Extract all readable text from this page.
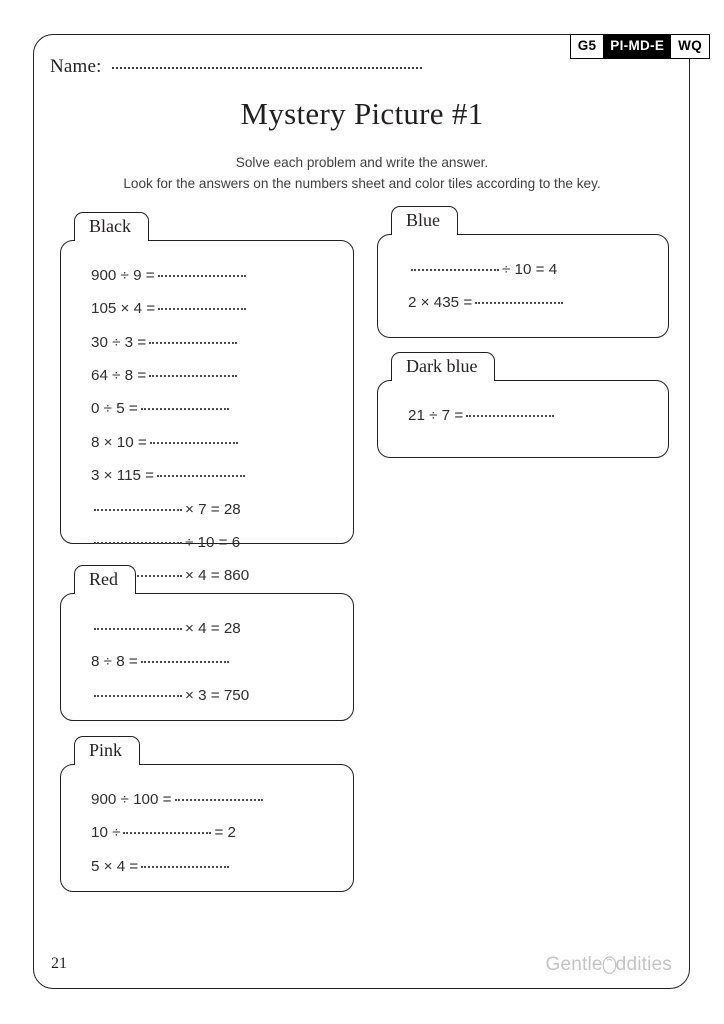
Name:
G5	PI-MD-E	WQ
Mystery Picture #1
Solve each problem and write the answer.
Look for the answers on the numbers sheet and color tiles according to the key.
Black
900 ÷ 9 =
105 × 4 =
30 ÷ 3 =
64 ÷ 8 =
0 ÷ 5 =
8 × 10 =
3 × 115 =
× 7 = 28
÷ 10 = 6
× 4 = 860
Red
× 4 = 28
8 ÷ 8 =
× 3 = 750
Pink
900 ÷ 100 =
10 ÷	= 2
5 × 4 =
Blue
÷ 10 = 4
2 × 435 =
Dark blue
21 ÷ 7 =
21	Gentle ddities
